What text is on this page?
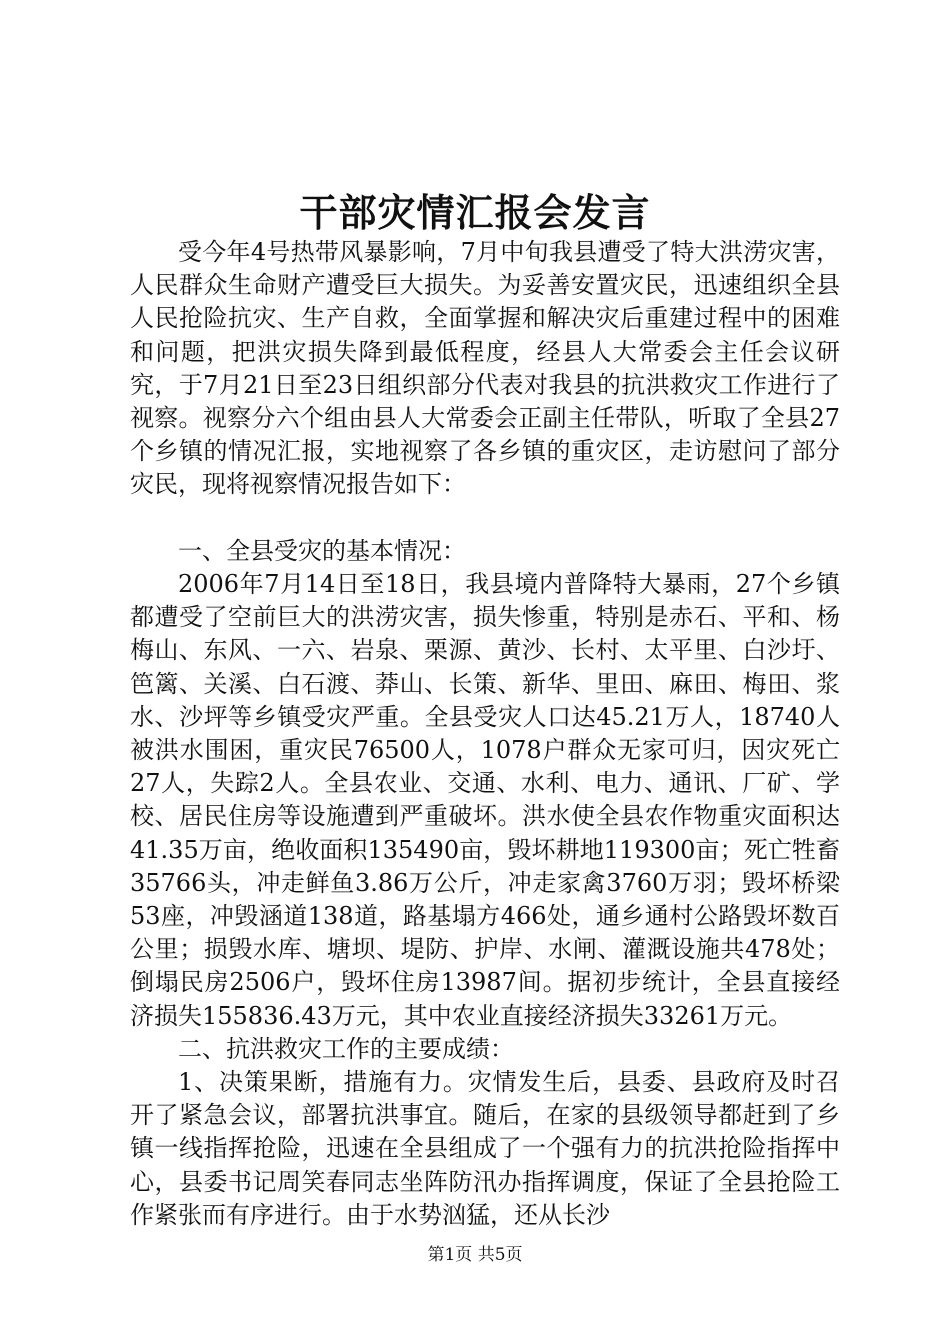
干部灾情汇报会发言

受今年4号热带风暴影响，7月中旬我县遭受了特大洪涝灾害，人民群众生命财产遭受巨大损失。为妥善安置灾民，迅速组织全县人民抢险抗灾、生产自救，全面掌握和解决灾后重建过程中的困难和问题，把洪灾损失降到最低程度，经县人大常委会主任会议研究，于7月21日至23日组织部分代表对我县的抗洪救灾工作进行了视察。视察分六个组由县人大常委会正副主任带队，听取了全县27个乡镇的情况汇报，实地视察了各乡镇的重灾区，走访慰问了部分灾民，现将视察情况报告如下：

一、全县受灾的基本情况：

2006年7月14日至18日，我县境内普降特大暴雨，27个乡镇都遭受了空前巨大的洪涝灾害，损失惨重，特别是赤石、平和、杨梅山、东风、一六、岩泉、栗源、黄沙、长村、太平里、白沙圩、笆篱、关溪、白石渡、莽山、长策、新华、里田、麻田、梅田、浆水、沙坪等乡镇受灾严重。全县受灾人口达45.21万人，18740人被洪水围困，重灾民76500人，1078户群众无家可归，因灾死亡27人，失踪2人。全县农业、交通、水利、电力、通讯、厂矿、学校、居民住房等设施遭到严重破坏。洪水使全县农作物重灾面积达41.35万亩，绝收面积135490亩，毁坏耕地119300亩；死亡牲畜35766头，冲走鲜鱼3.86万公斤，冲走家禽3760万羽；毁坏桥梁53座，冲毁涵道138道，路基塌方466处，通乡通村公路毁坏数百公里；损毁水库、塘坝、堤防、护岸、水闸、灌溉设施共478处；倒塌民房2506户，毁坏住房13987间。据初步统计，全县直接经济损失155836.43万元，其中农业直接经济损失33261万元。

二、抗洪救灾工作的主要成绩：

1、决策果断，措施有力。灾情发生后，县委、县政府及时召开了紧急会议，部署抗洪事宜。随后，在家的县级领导都赶到了乡镇一线指挥抢险，迅速在全县组成了一个强有力的抗洪抢险指挥中心，县委书记周笑春同志坐阵防汛办指挥调度，保证了全县抢险工作紧张而有序进行。由于水势汹猛，还从长沙

第1页 共5页
